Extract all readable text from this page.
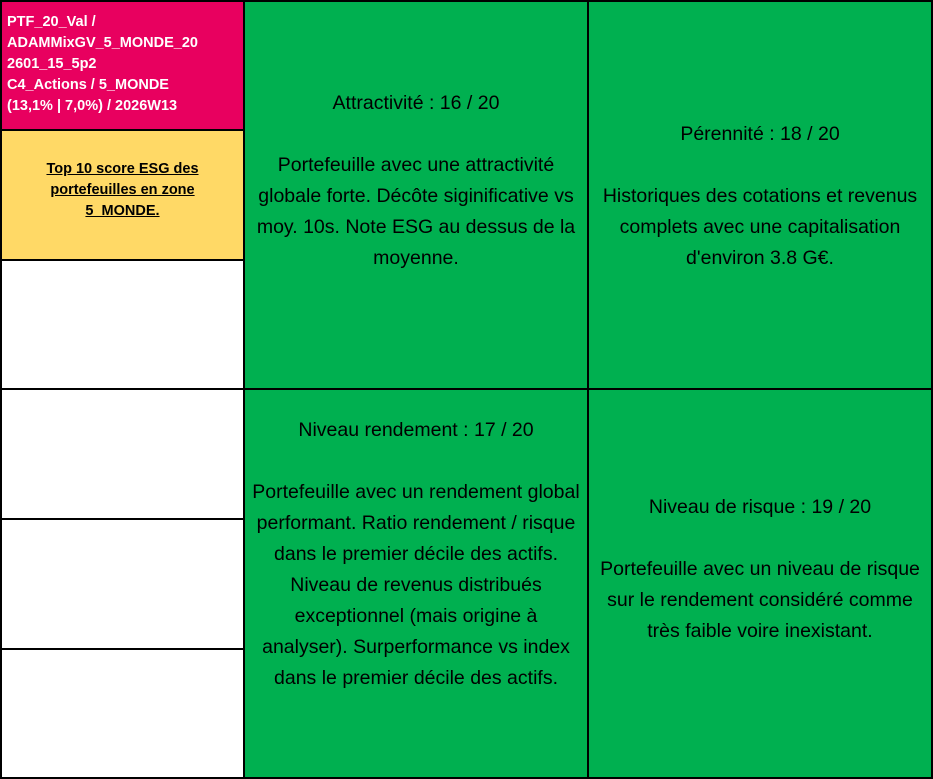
PTF_20_Val /
ADAMMixGV_5_MONDE_20
2601_15_5p2
C4_Actions / 5_MONDE
(13,1% | 7,0%) / 2026W13
Top 10 score ESG des portefeuilles en zone 5_MONDE.
Attractivité : 16 / 20
Portefeuille avec une attractivité globale forte. Décôte siginificative vs moy. 10s. Note ESG au dessus de la moyenne.
Pérennité : 18 / 20
Historiques des cotations et revenus complets avec une capitalisation d'environ 3.8 G€.
Niveau rendement : 17 / 20
Portefeuille avec un rendement global performant. Ratio rendement / risque dans le premier décile des actifs. Niveau de revenus distribués exceptionnel (mais origine à analyser). Surperformance vs index dans le premier décile des actifs.
Niveau de risque : 19 / 20
Portefeuille avec un niveau de risque sur le rendement considéré comme très faible voire inexistant.
